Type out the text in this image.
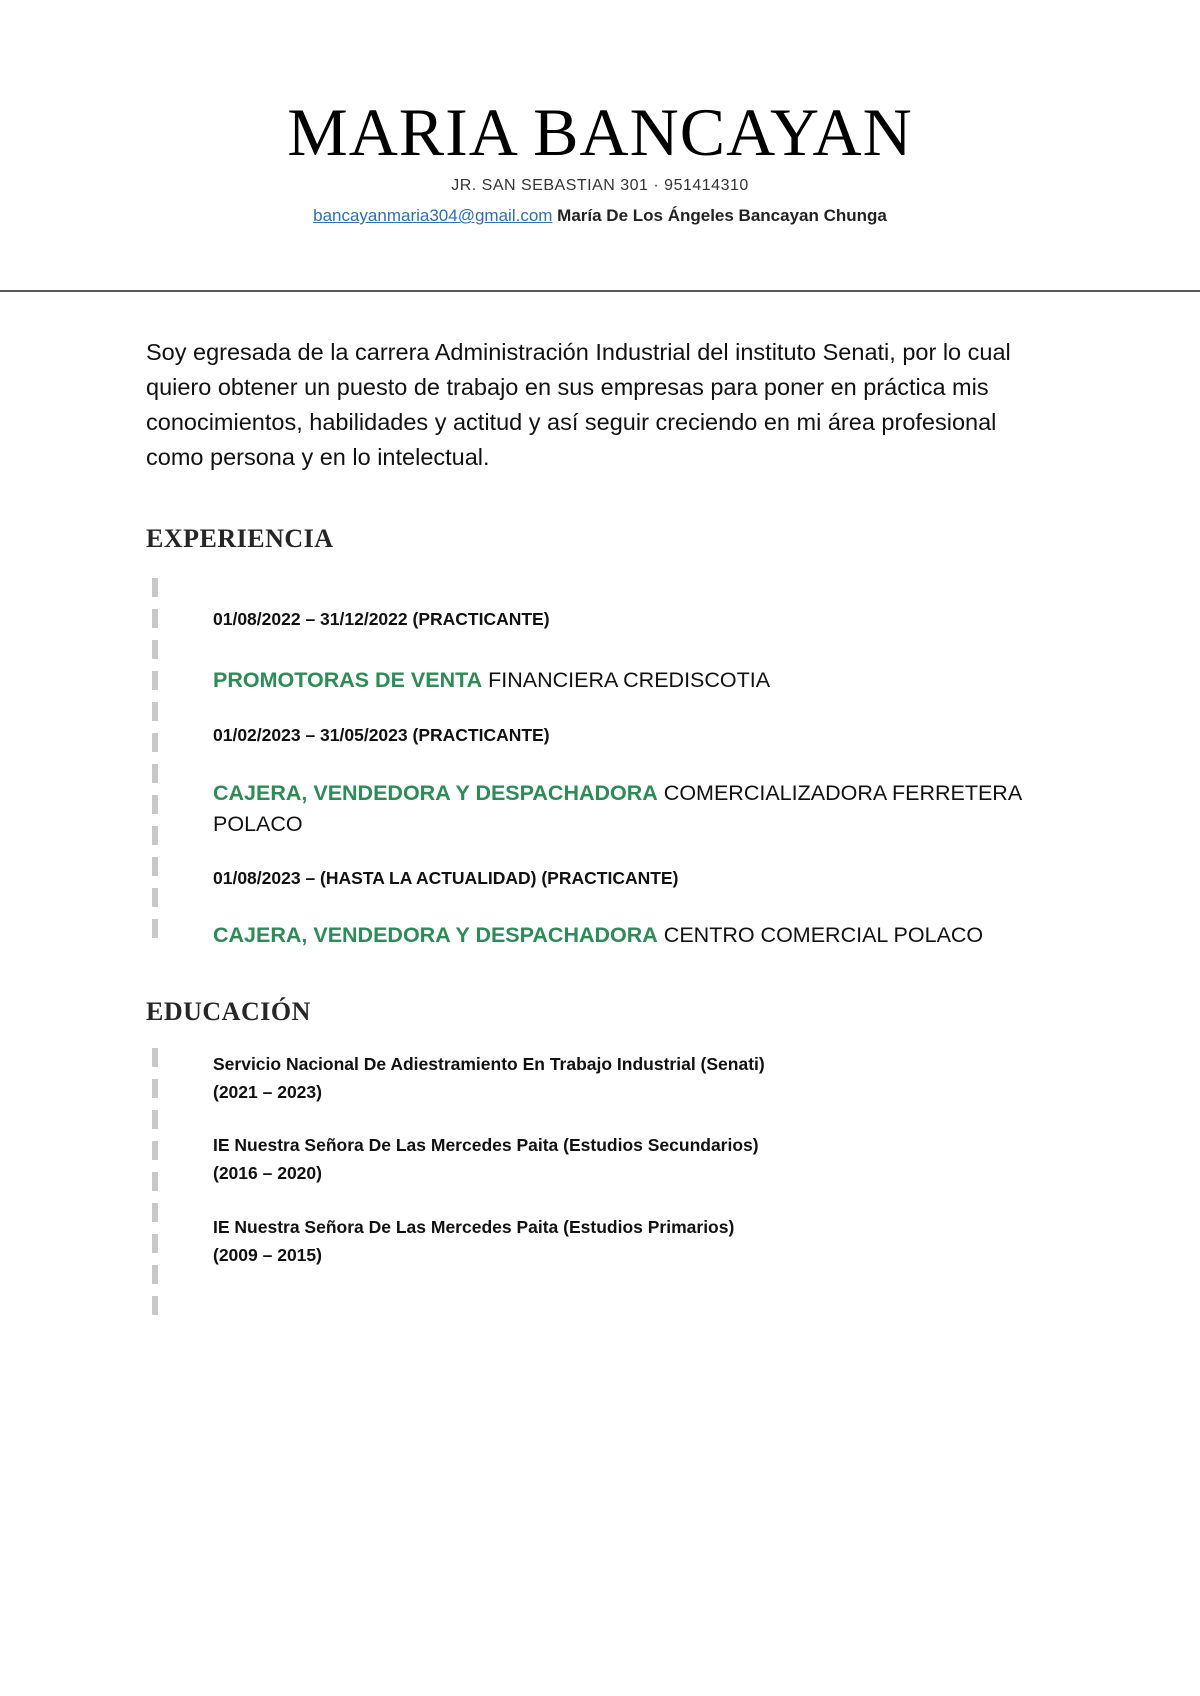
MARIA BANCAYAN
JR. SAN SEBASTIAN 301 · 951414310
bancayanmaria304@gmail.com María De Los Ángeles Bancayan Chunga

Soy egresada de la carrera Administración Industrial del instituto Senati, por lo cual quiero obtener un puesto de trabajo en sus empresas para poner en práctica mis conocimientos, habilidades y actitud y así seguir creciendo en mi área profesional como persona y en lo intelectual.

EXPERIENCIA

01/08/2022 – 31/12/2022 (PRACTICANTE)

PROMOTORAS DE VENTA FINANCIERA CREDISCOTIA

01/02/2023 – 31/05/2023 (PRACTICANTE)

CAJERA, VENDEDORA Y DESPACHADORA COMERCIALIZADORA FERRETERA POLACO

01/08/2023 – (HASTA LA ACTUALIDAD) (PRACTICANTE)

CAJERA, VENDEDORA Y DESPACHADORA CENTRO COMERCIAL POLACO

EDUCACIÓN
Servicio Nacional De Adiestramiento En Trabajo Industrial (Senati)
(2021 – 2023)
IE Nuestra Señora De Las Mercedes Paita (Estudios Secundarios)
(2016 – 2020)
IE Nuestra Señora De Las Mercedes Paita (Estudios Primarios)
(2009 – 2015)
